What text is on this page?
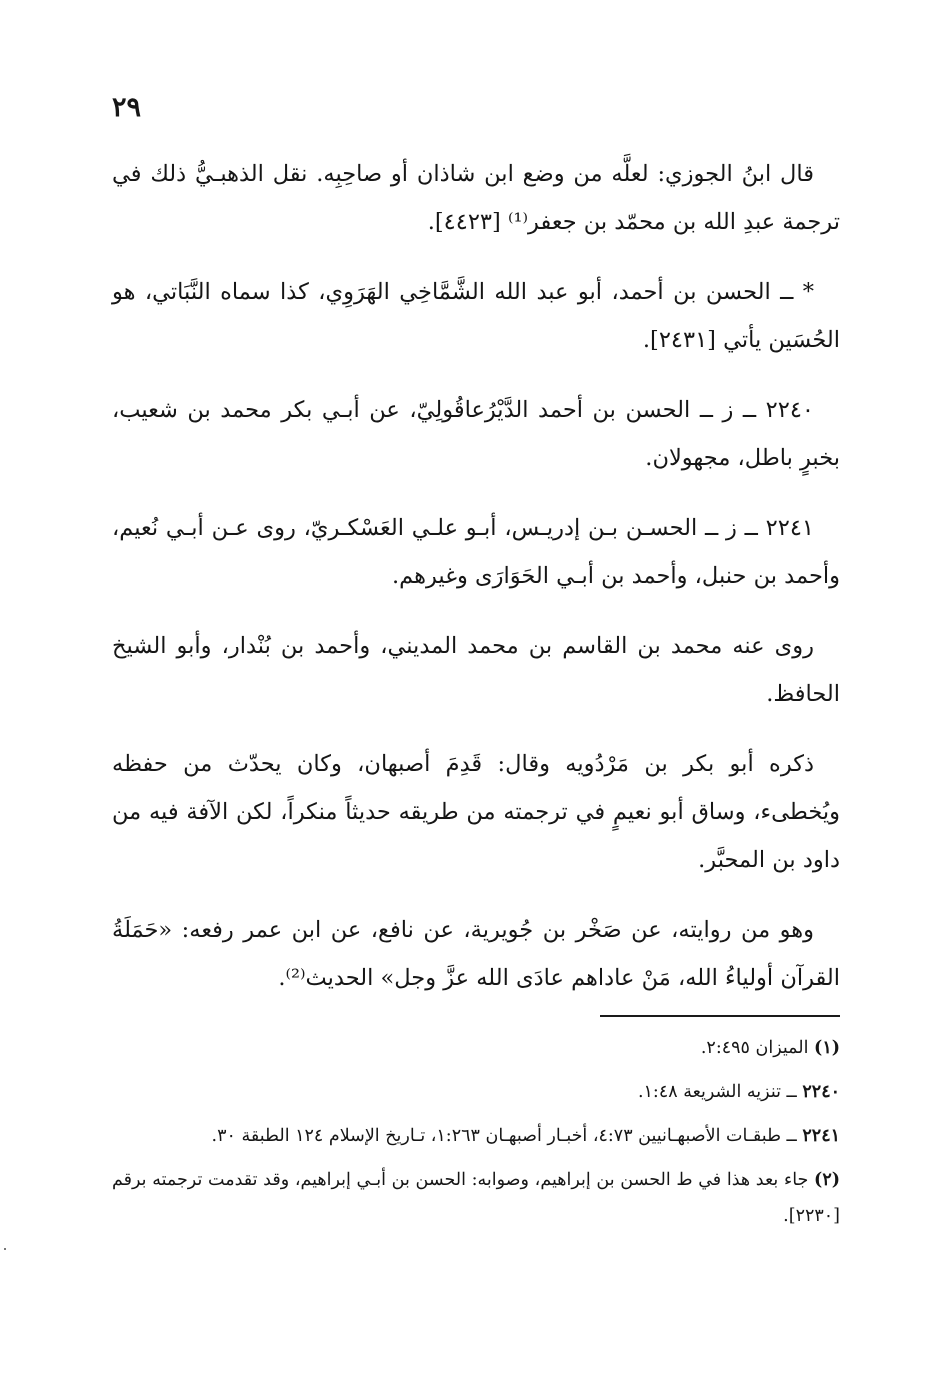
٢٩

قال ابنُ الجوزي: لعلَّه من وضع ابن شاذان أو صاحِبِه. نقل الذهبـيُّ ذلك في ترجمة عبدِ الله بن محمّد بن جعفر⁽¹⁾ [٤٤٢٣].

* ــ الحسن بن أحمد، أبو عبد الله الشَّمَّاخِي الهَرَوِي، كذا سماه النَّبَاتي، هو الحُسَين يأتي [٢٤٣١].

٢٢٤٠ ــ ز ــ الحسن بن أحمد الدَّيْرُعاقُولِيّ، عن أبـي بكر محمد بن شعيب، بخبرٍ باطل، مجهولان.

٢٢٤١ ــ ز ــ الحسـن بـن إدريـس، أبـو علـي العَسْكـريّ، روى عـن أبـي نُعيم، وأحمد بن حنبل، وأحمد بن أبـي الحَوَارَى وغيرهم.

روى عنه محمد بن القاسم بن محمد المديني، وأحمد بن بُنْدار، وأبو الشيخ الحافظ.

ذكره أبو بكر بن مَرْدُويه وقال: قَدِمَ أصبهان، وكان يحدّث من حفظه ويُخطىء، وساق أبو نعيمٍ في ترجمته من طريقه حديثاً منكراً، لكن الآفة فيه من داود بن المحبَّر.

وهو من روايته، عن صَخْر بن جُويرية، عن نافع، عن ابن عمر رفعه: «حَمَلَةُ القرآن أولياءُ الله، مَنْ عاداهم عادَى الله عزَّ وجل» الحديث⁽²⁾.

(١) الميزان ٢:٤٩٥.

٢٢٤٠ ــ تنزيه الشريعة ١:٤٨.

٢٢٤١ ــ طبقـات الأصبهـانيين ٤:٧٣، أخبـار أصبهـان ١:٢٦٣، تـاريخ الإسلام ١٢٤ الطبقة ٣٠.

(٢) جاء بعد هذا في ط الحسن بن إبراهيم، وصوابه: الحسن بن أبـي إبراهيم، وقد تقدمت ترجمته برقم [٢٢٣٠].
